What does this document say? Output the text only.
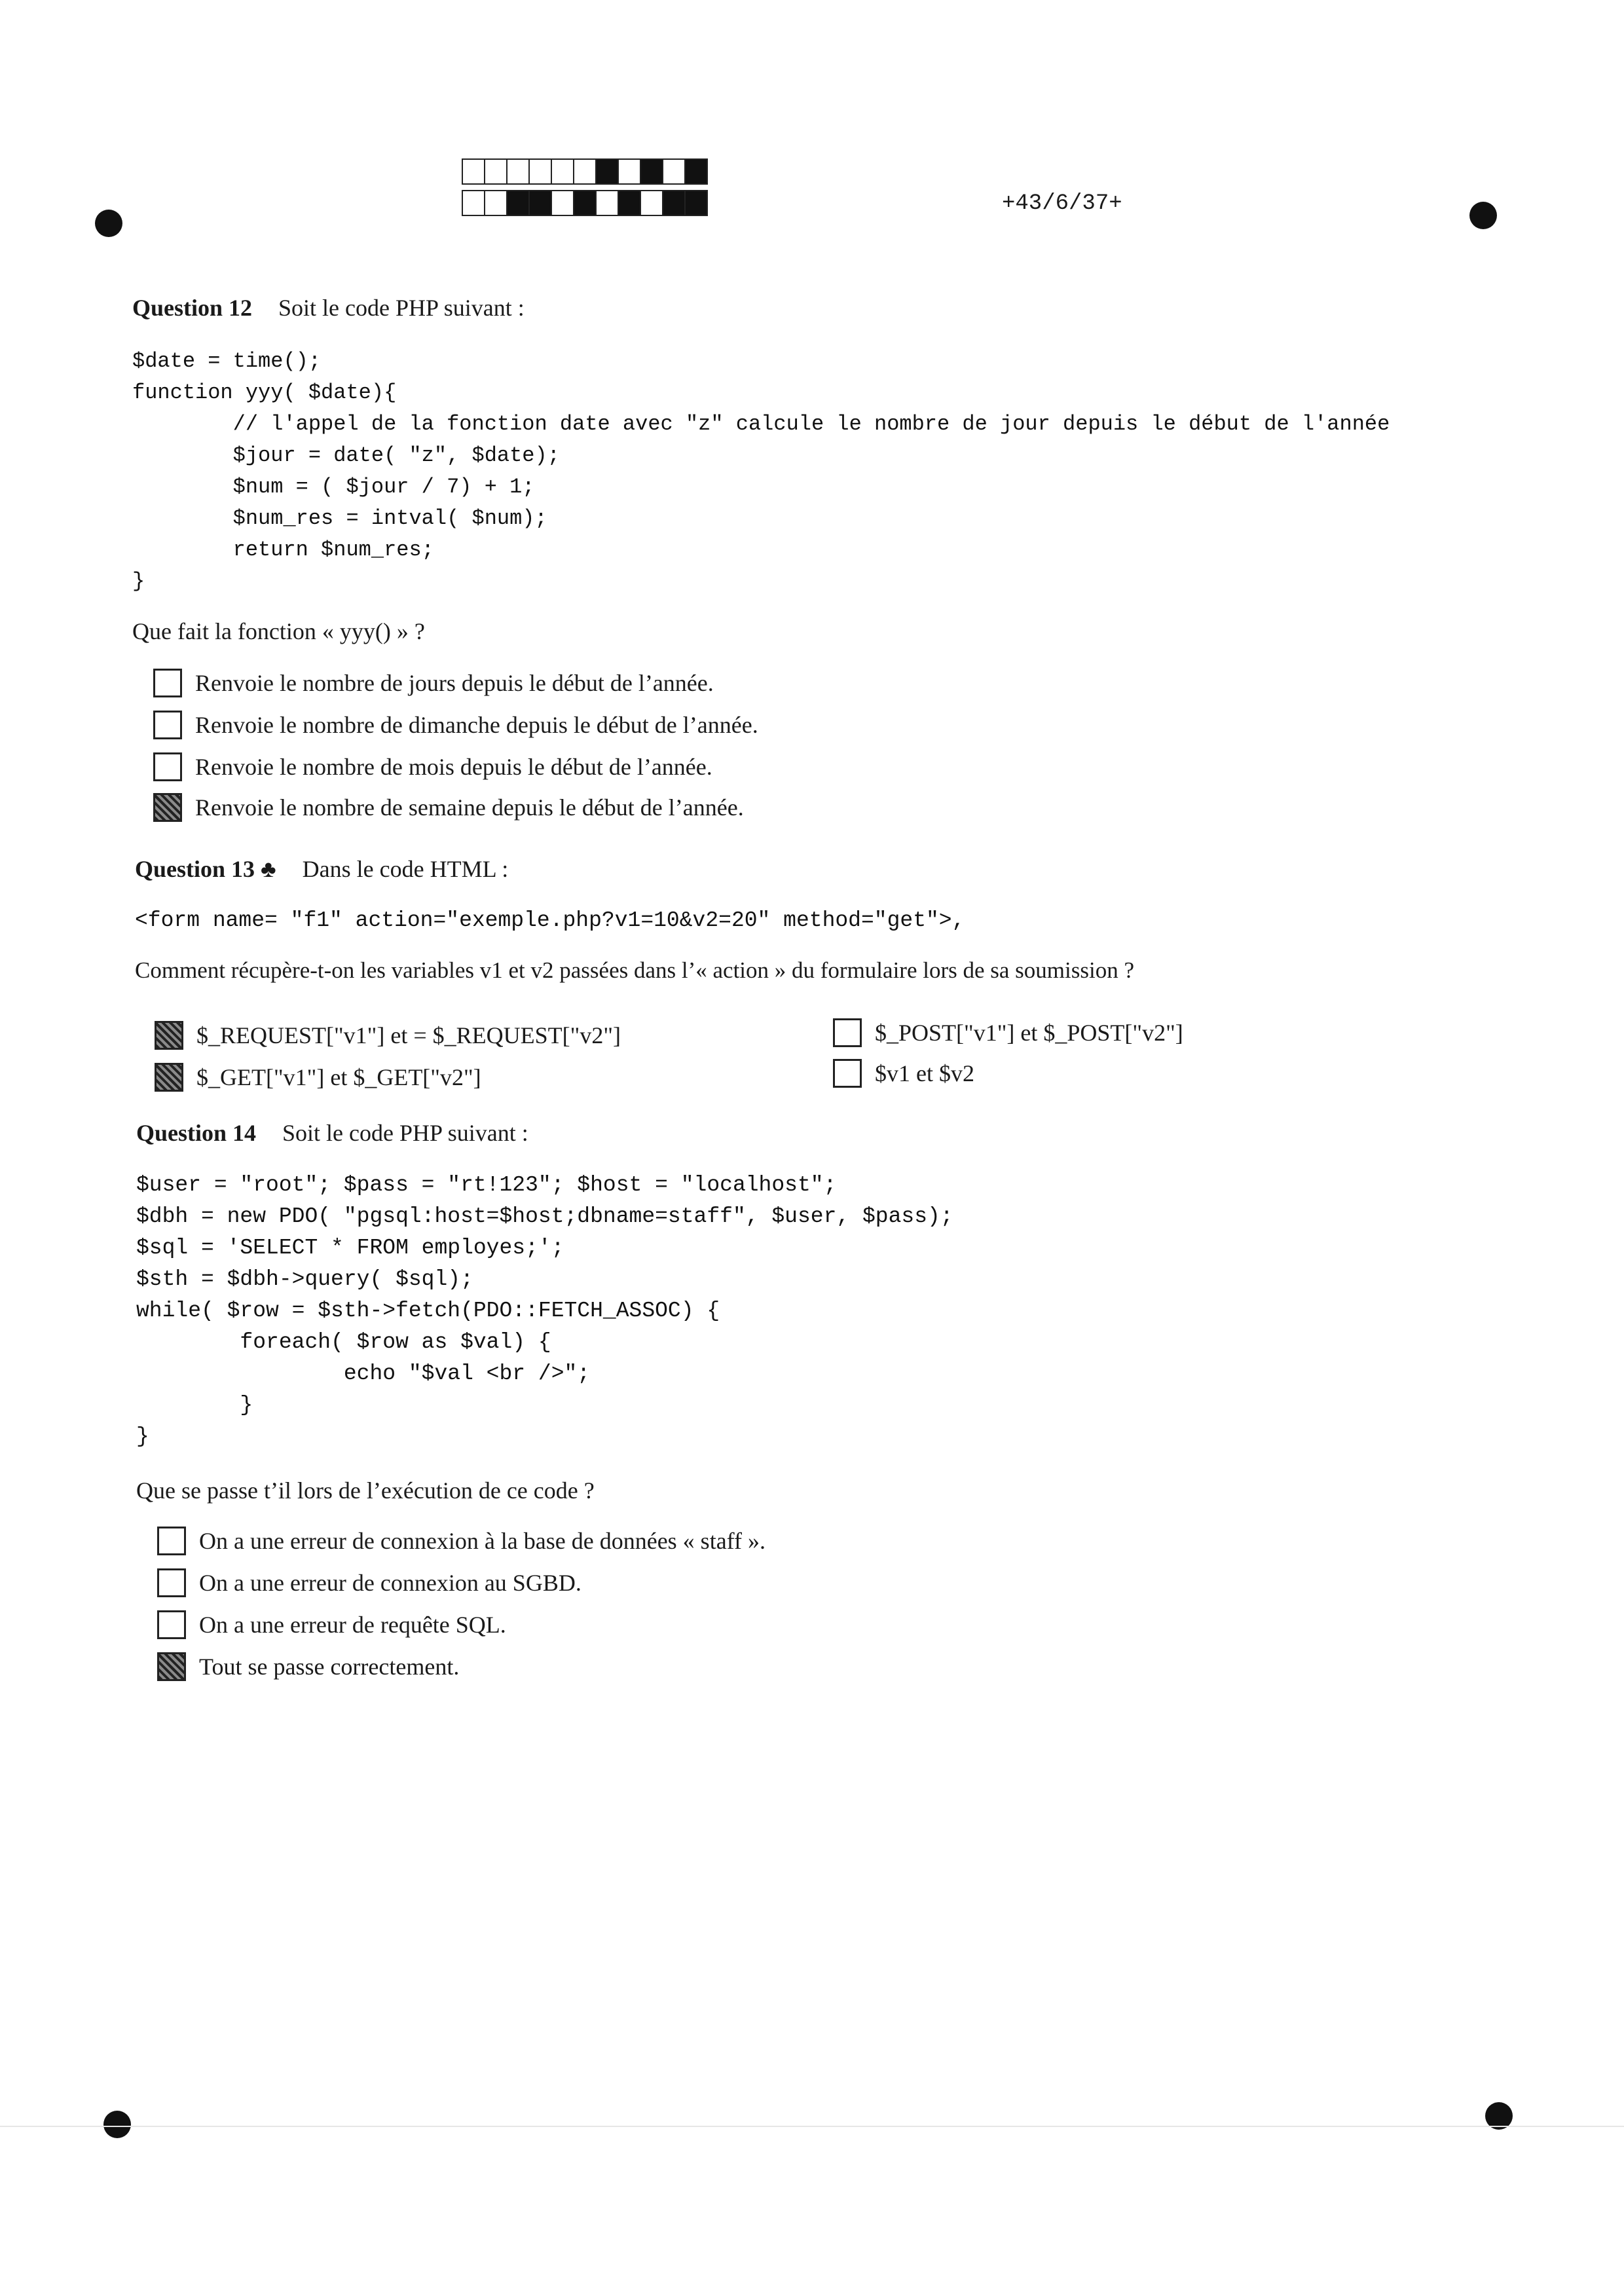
+43/6/37+
Question 12 Soit le code PHP suivant :
$date = time();
function yyy( $date){
// l'appel de la fonction date avec "z" calcule le nombre de jour depuis le début de l'année
$jour = date( "z", $date);
$num = ( $jour / 7) + 1;
$num_res = intval( $num);
return $num_res;
}
Que fait la fonction « yyy() » ?
Renvoie le nombre de jours depuis le début de l’année.
Renvoie le nombre de dimanche depuis le début de l’année.
Renvoie le nombre de mois depuis le début de l’année.
Renvoie le nombre de semaine depuis le début de l’année.
Question 13 ♣ Dans le code HTML :
<form name= "f1" action="exemple.php?v1=10&v2=20" method="get">,
Comment récupère-t-on les variables v1 et v2 passées dans l’« action » du formulaire lors de sa soumission ?
$_REQUEST["v1"] et = $_REQUEST["v2"]
$_GET["v1"] et $_GET["v2"]
$_POST["v1"] et $_POST["v2"]
$v1 et $v2
Question 14 Soit le code PHP suivant :
$user = "root"; $pass = "rt!123"; $host = "localhost";
$dbh = new PDO( "pgsql:host=$host;dbname=staff", $user, $pass);
$sql = 'SELECT * FROM employes;';
$sth = $dbh->query( $sql);
while( $row = $sth->fetch(PDO::FETCH_ASSOC) {
foreach( $row as $val) {
echo "$val <br />";
}
}
Que se passe t’il lors de l’exécution de ce code ?
On a une erreur de connexion à la base de données « staff ».
On a une erreur de connexion au SGBD.
On a une erreur de requête SQL.
Tout se passe correctement.
